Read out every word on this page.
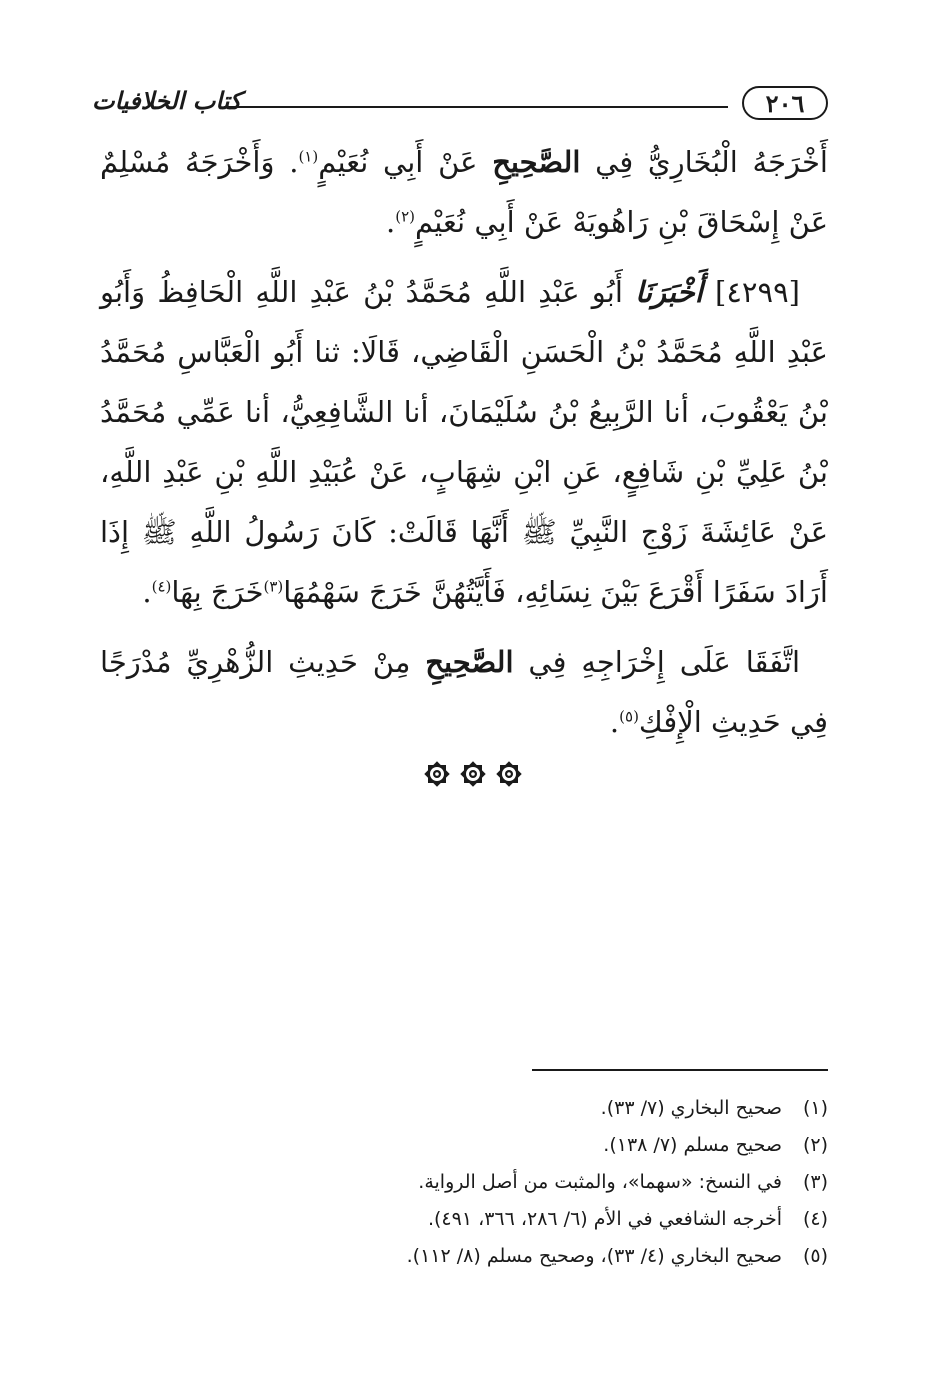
٢٠٦
كتاب الخلافيات

أَخْرَجَهُ الْبُخَارِيُّ فِي الصَّحِيحِ عَنْ أَبِي نُعَيْمٍ$^{(١)}$. وَأَخْرَجَهُ مُسْلِمٌ عَنْ إِسْحَاقَ بْنِ رَاهُويَهْ عَنْ أَبِي نُعَيْمٍ$^{(٢)}$.

[٤٢٩٩] أَخْبَرَنَا أَبُو عَبْدِ اللَّهِ مُحَمَّدُ بْنُ عَبْدِ اللَّهِ الْحَافِظُ وَأَبُو عَبْدِ اللَّهِ مُحَمَّدُ بْنُ الْحَسَنِ الْقَاضِي، قَالَا: ثنا أَبُو الْعَبَّاسِ مُحَمَّدُ بْنُ يَعْقُوبَ، أنا الرَّبِيعُ بْنُ سُلَيْمَانَ، أنا الشَّافِعِيُّ، أنا عَمِّي مُحَمَّدُ بْنُ عَلِيِّ بْنِ شَافِعٍ، عَنِ ابْنِ شِهَابٍ، عَنْ عُبَيْدِ اللَّهِ بْنِ عَبْدِ اللَّهِ، عَنْ عَائِشَةَ زَوْجِ النَّبِيِّ ﷺ أَنَّهَا قَالَتْ: كَانَ رَسُولُ اللَّهِ ﷺ إِذَا أَرَادَ سَفَرًا أَقْرَعَ بَيْنَ نِسَائِهِ، فَأَيَّتُهُنَّ خَرَجَ سَهْمُهَا$^{(٣)}$خَرَجَ بِهَا$^{(٤)}$.

اتَّفَقَا عَلَى إِخْرَاجِهِ فِي الصَّحِيحِ مِنْ حَدِيثِ الزُّهْرِيِّ مُدْرَجًا فِي حَدِيثِ الْإِفْكِ$^{(٥)}$.

(١)صحيح البخاري (٧/ ٣٣).
(٢)صحيح مسلم (٧/ ١٣٨).
(٣)في النسخ: «سهما»، والمثبت من أصل الرواية.
(٤)أخرجه الشافعي في الأم (٦/ ٢٨٦، ٣٦٦، ٤٩١).
(٥)صحيح البخاري (٤/ ٣٣)، وصحيح مسلم (٨/ ١١٢).
